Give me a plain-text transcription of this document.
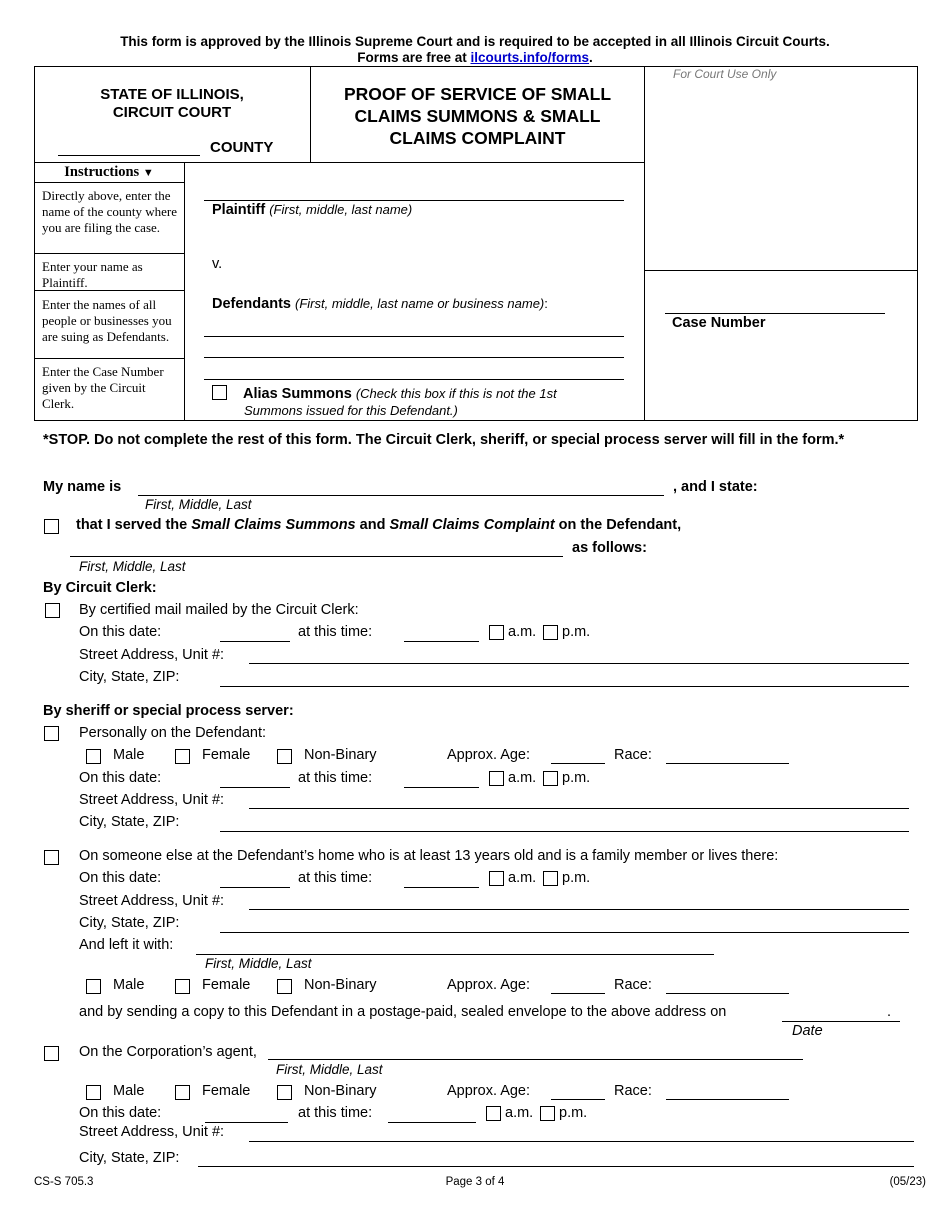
This form is approved by the Illinois Supreme Court and is required to be accepted in all Illinois Circuit Courts.
Forms are free at ilcourts.info/forms.
STATE OF ILLINOIS,
CIRCUIT COURT
COUNTY
PROOF OF SERVICE OF SMALL
CLAIMS SUMMONS & SMALL
CLAIMS COMPLAINT
For Court Use Only
Instructions ▼
Directly above, enter the name of the county where you are filing the case.
Enter your name as Plaintiff.
Enter the names of all people or businesses you are suing as Defendants.
Enter the Case Number given by the Circuit Clerk.
Plaintiff (First, middle, last name)
v.
Defendants (First, middle, last name or business name):
Alias Summons (Check this box if this is not the 1st
Summons issued for this Defendant.)
Case Number
*STOP. Do not complete the rest of this form. The Circuit Clerk, sheriff, or special process server will fill in the form.*
My name is	, and I state:
First, Middle, Last
that I served the Small Claims Summons and Small Claims Complaint on the Defendant,
as follows:
First, Middle, Last
By Circuit Clerk:
By certified mail mailed by the Circuit Clerk:
On this date:	at this time:	a.m. p.m.
Street Address, Unit #:
City, State, ZIP:
By sheriff or special process server:
Personally on the Defendant:
Male	Female	Non-Binary	Approx. Age:	Race:
On this date:	at this time:	a.m. p.m.
Street Address, Unit #:
City, State, ZIP:
On someone else at the Defendant’s home who is at least 13 years old and is a family member or lives there:
On this date:	at this time:	a.m. p.m.
Street Address, Unit #:
City, State, ZIP:
And left it with:
First, Middle, Last
Male	Female	Non-Binary	Approx. Age:	Race:
and by sending a copy to this Defendant in a postage-paid, sealed envelope to the above address on	.
Date
On the Corporation’s agent,
First, Middle, Last
Male	Female	Non-Binary	Approx. Age:	Race:
On this date:	at this time:	a.m. p.m.
Street Address, Unit #:
City, State, ZIP:
CS-S 705.3	Page 3 of 4	(05/23)
